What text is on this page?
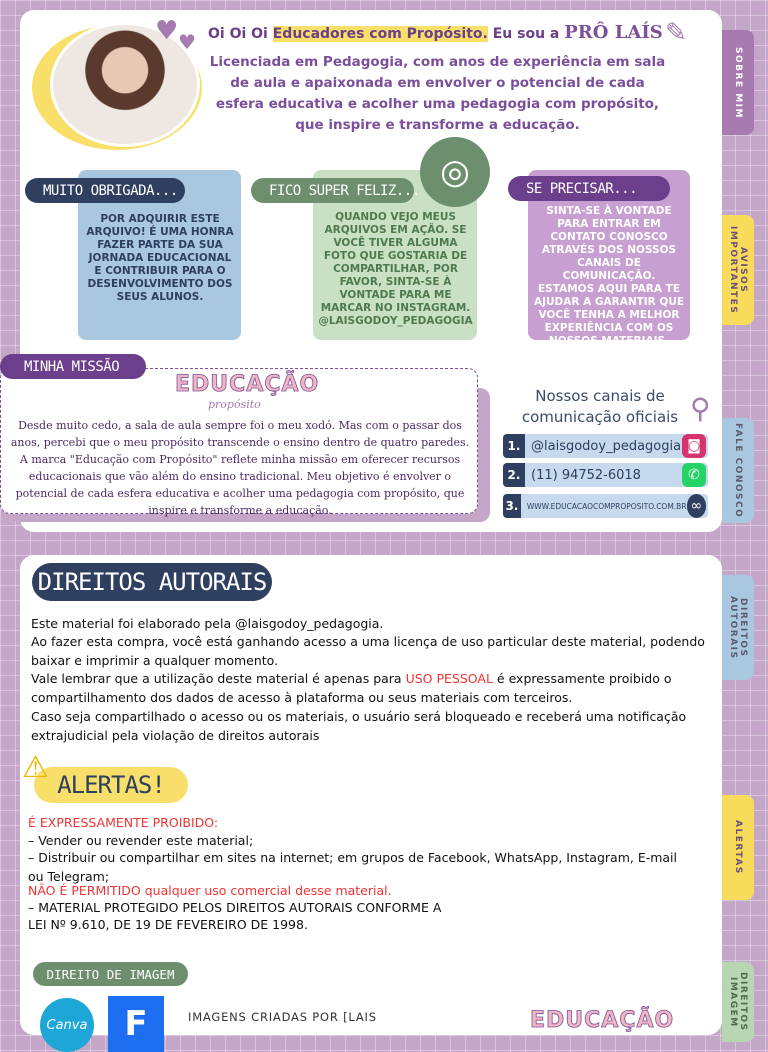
SOBRE MIM
AVISOS IMPORTANTES
FALE CONOSCO
DIREITOS AUTORAIS
ALERTAS
DIREITOS IMAGEM
♥ ♥ Oi Oi Oi Educadores com Propósito. Eu sou a PRÔ LAÍS ✎
Licenciada em Pedagogia, com anos de experiência em sala de aula e apaixonada em envolver o potencial de cada esfera educativa e acolher uma pedagogia com propósito, que inspire e transforme a educação.
MUITO OBRIGADA...
POR ADQUIRIR ESTE ARQUIVO! É UMA HONRA FAZER PARTE DA SUA JORNADA EDUCACIONAL E CONTRIBUIR PARA O DESENVOLVIMENTO DOS SEUS ALUNOS.
FICO SUPER FELIZ... ◎
QUANDO VEJO MEUS ARQUIVOS EM AÇÃO. SE VOCÊ TIVER ALGUMA FOTO QUE GOSTARIA DE COMPARTILHAR, POR FAVOR, SINTA-SE À VONTADE PARA ME MARCAR NO INSTAGRAM. @LAISGODOY_PEDAGOGIA
SE PRECISAR...
SINTA-SE À VONTADE PARA ENTRAR EM CONTATO CONOSCO ATRAVÉS DOS NOSSOS CANAIS DE COMUNICAÇÃO. ESTAMOS AQUI PARA TE AJUDAR A GARANTIR QUE VOCÊ TENHA A MELHOR EXPERIÊNCIA COM OS NOSSOS MATERIAIS.
MINHA MISSÃO
EDUCAÇÃO
propósito
Desde muito cedo, a sala de aula sempre foi o meu xodó. Mas com o passar dos anos, percebi que o meu propósito transcende o ensino dentro de quatro paredes. A marca "Educação com Propósito" reflete minha missão em oferecer recursos educacionais que vão além do ensino tradicional. Meu objetivo é envolver o potencial de cada esfera educativa e acolher uma pedagogia com propósito, que inspire e transforme a educação.
Nossos canais de comunicação oficiais ⚲
1. @laisgodoy_pedagogia ◙
2. (11) 94752-6018	✆
3.	WWW.EDUCACAOCOMPROPOSITO.COM.BR ∞
DIREITOS AUTORAIS
Este material foi elaborado pela @laisgodoy_pedagogia.
Ao fazer esta compra, você está ganhando acesso a uma licença de uso particular deste material, podendo baixar e imprimir a qualquer momento.
Vale lembrar que a utilização deste material é apenas para USO PESSOAL é expressamente proibido o compartilhamento dos dados de acesso à plataforma ou seus materiais com terceiros.
Caso seja compartilhado o acesso ou os materiais, o usuário será bloqueado e receberá uma notificação extrajudicial pela violação de direitos autorais
ALERTAS!
⚠
É EXPRESSAMENTE PROIBIDO:
– Vender ou revender este material;
– Distribuir ou compartilhar em sites na internet; em grupos de Facebook, WhatsApp, Instagram, E-mail ou Telegram;
NÃO É PERMITIDO qualquer uso comercial desse material.
– MATERIAL PROTEGIDO PELOS DIREITOS AUTORAIS CONFORME A
LEI Nº 9.610, DE 19 DE FEVEREIRO DE 1998.
DIREITO DE IMAGEM
Canva	F	IMAGENS CRIADAS POR [LAIS	EDUCAÇÃO
